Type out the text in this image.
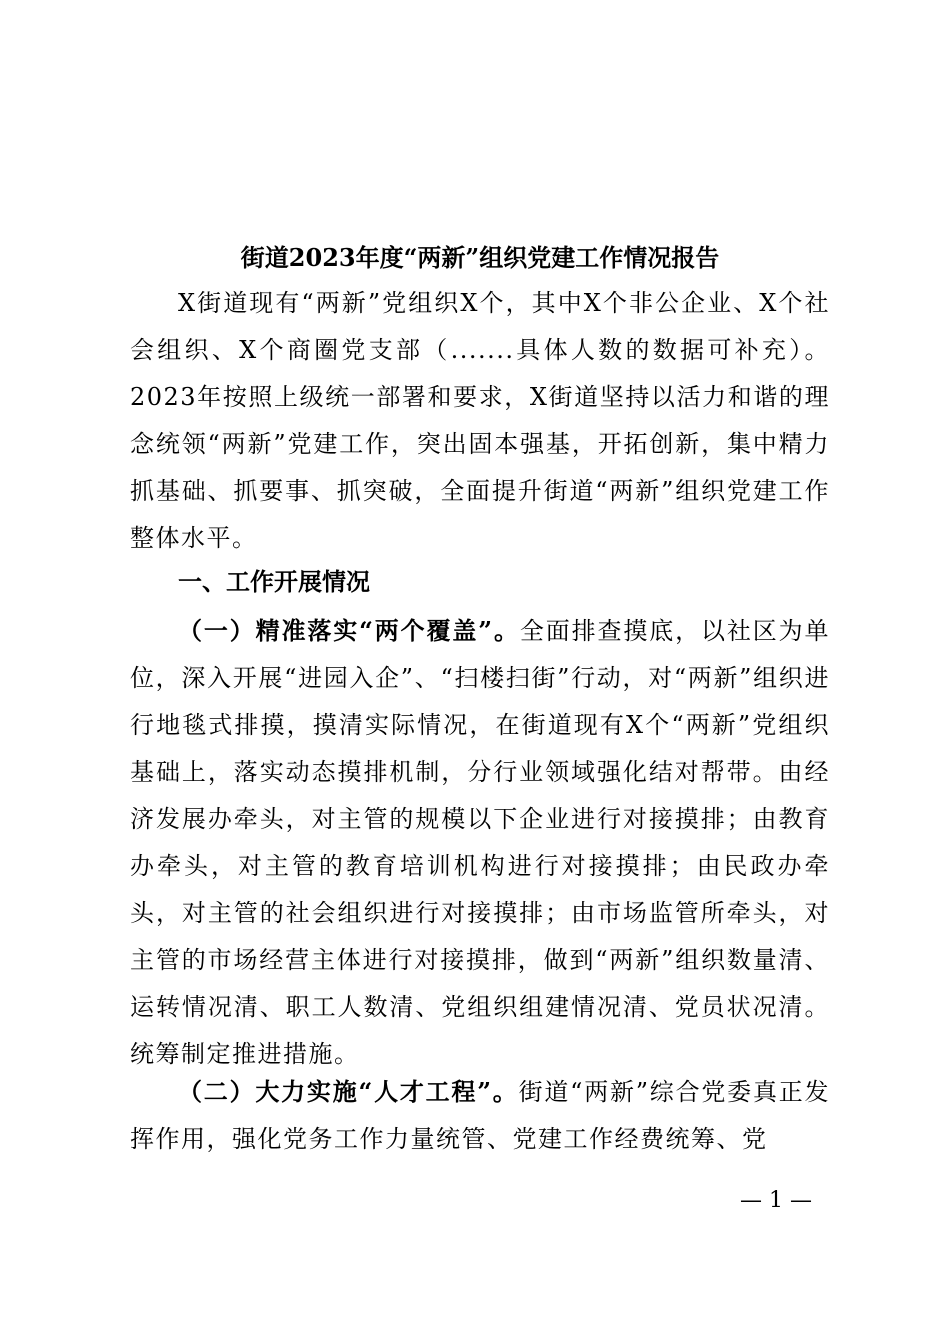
街道2023年度“两新”组织党建工作情况报告
X街道现有“两新”党组织X个，其中X个非公企业、X个社会组织、X个商圈党支部（.......具体人数的数据可补充）。2023年按照上级统一部署和要求，X街道坚持以活力和谐的理念统领“两新”党建工作，突出固本强基，开拓创新，集中精力抓基础、抓要事、抓突破，全面提升街道“两新”组织党建工作整体水平。
一、工作开展情况
（一）精准落实“两个覆盖”。全面排查摸底，以社区为单位，深入开展“进园入企”、“扫楼扫街”行动，对“两新”组织进行地毯式排摸，摸清实际情况，在街道现有X个“两新”党组织基础上，落实动态摸排机制，分行业领域强化结对帮带。由经济发展办牵头，对主管的规模以下企业进行对接摸排；由教育办牵头，对主管的教育培训机构进行对接摸排；由民政办牵头，对主管的社会组织进行对接摸排；由市场监管所牵头，对主管的市场经营主体进行对接摸排，做到“两新”组织数量清、运转情况清、职工人数清、党组织组建情况清、党员状况清。统筹制定推进措施。
（二）大力实施“人才工程”。街道“两新”综合党委真正发挥作用，强化党务工作力量统管、党建工作经费统筹、党
— 1 —
